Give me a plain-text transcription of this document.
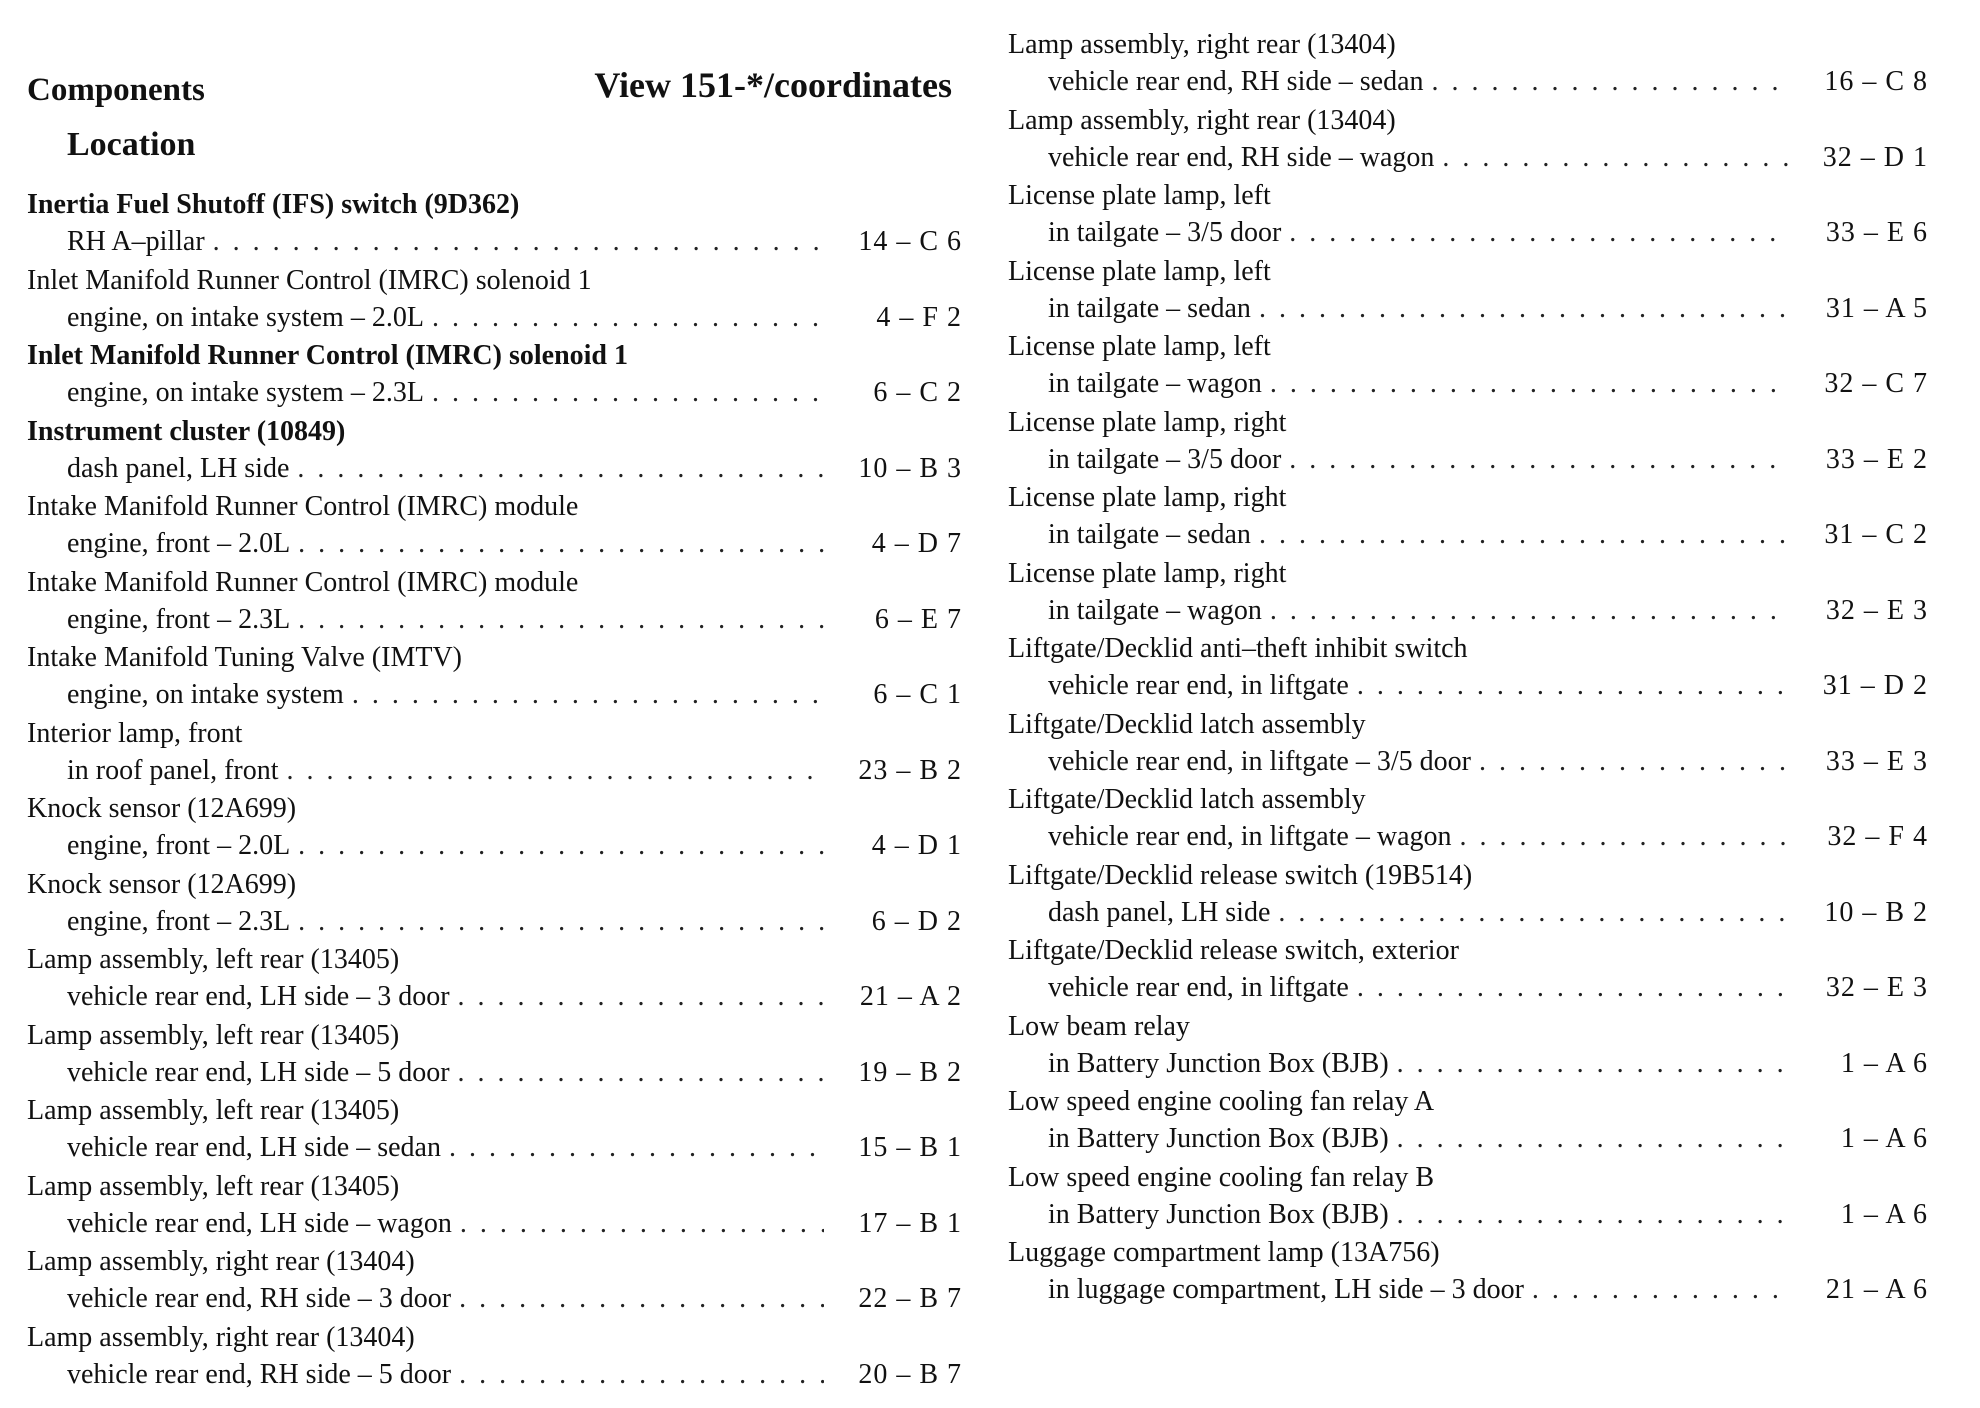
Components	View 151-*/coordinates
Location
Inertia Fuel Shutoff (IFS) switch (9D362)
RH A–pillar . . .	14 – C 6
Inlet Manifold Runner Control (IMRC) solenoid 1
engine, on intake system – 2.0L . . .	4 – F 2
Inlet Manifold Runner Control (IMRC) solenoid 1
engine, on intake system – 2.3L . . .	6 – C 2
Instrument cluster (10849)
dash panel, LH side . . .	10 – B 3
Intake Manifold Runner Control (IMRC) module
engine, front – 2.0L . . .	4 – D 7
Intake Manifold Runner Control (IMRC) module
engine, front – 2.3L . . .	6 – E 7
Intake Manifold Tuning Valve (IMTV)
engine, on intake system . . .	6 – C 1
Interior lamp, front
in roof panel, front . . .	23 – B 2
Knock sensor (12A699)
engine, front – 2.0L . . .	4 – D 1
Knock sensor (12A699)
engine, front – 2.3L . . .	6 – D 2
Lamp assembly, left rear (13405)
vehicle rear end, LH side – 3 door . . .	21 – A 2
Lamp assembly, left rear (13405)
vehicle rear end, LH side – 5 door . . .	19 – B 2
Lamp assembly, left rear (13405)
vehicle rear end, LH side – sedan . . .	15 – B 1
Lamp assembly, left rear (13405)
vehicle rear end, LH side – wagon . . .	17 – B 1
Lamp assembly, right rear (13404)
vehicle rear end, RH side – 3 door . . .	22 – B 7
Lamp assembly, right rear (13404)
vehicle rear end, RH side – 5 door . . .	20 – B 7
Lamp assembly, right rear (13404)
vehicle rear end, RH side – sedan . . .	16 – C 8
Lamp assembly, right rear (13404)
vehicle rear end, RH side – wagon . . .	32 – D 1
License plate lamp, left
in tailgate – 3/5 door . . .	33 – E 6
License plate lamp, left
in tailgate – sedan . . .	31 – A 5
License plate lamp, left
in tailgate – wagon . . .	32 – C 7
License plate lamp, right
in tailgate – 3/5 door . . .	33 – E 2
License plate lamp, right
in tailgate – sedan . . .	31 – C 2
License plate lamp, right
in tailgate – wagon . . .	32 – E 3
Liftgate/Decklid anti–theft inhibit switch
vehicle rear end, in liftgate . . .	31 – D 2
Liftgate/Decklid latch assembly
vehicle rear end, in liftgate – 3/5 door . . .	33 – E 3
Liftgate/Decklid latch assembly
vehicle rear end, in liftgate – wagon . . .	32 – F 4
Liftgate/Decklid release switch (19B514)
dash panel, LH side . . .	10 – B 2
Liftgate/Decklid release switch, exterior
vehicle rear end, in liftgate . . .	32 – E 3
Low beam relay
in Battery Junction Box (BJB) . . .	1 – A 6
Low speed engine cooling fan relay A
in Battery Junction Box (BJB) . . .	1 – A 6
Low speed engine cooling fan relay B
in Battery Junction Box (BJB) . . .	1 – A 6
Luggage compartment lamp (13A756)
in luggage compartment, LH side – 3 door . . .	21 – A 6
